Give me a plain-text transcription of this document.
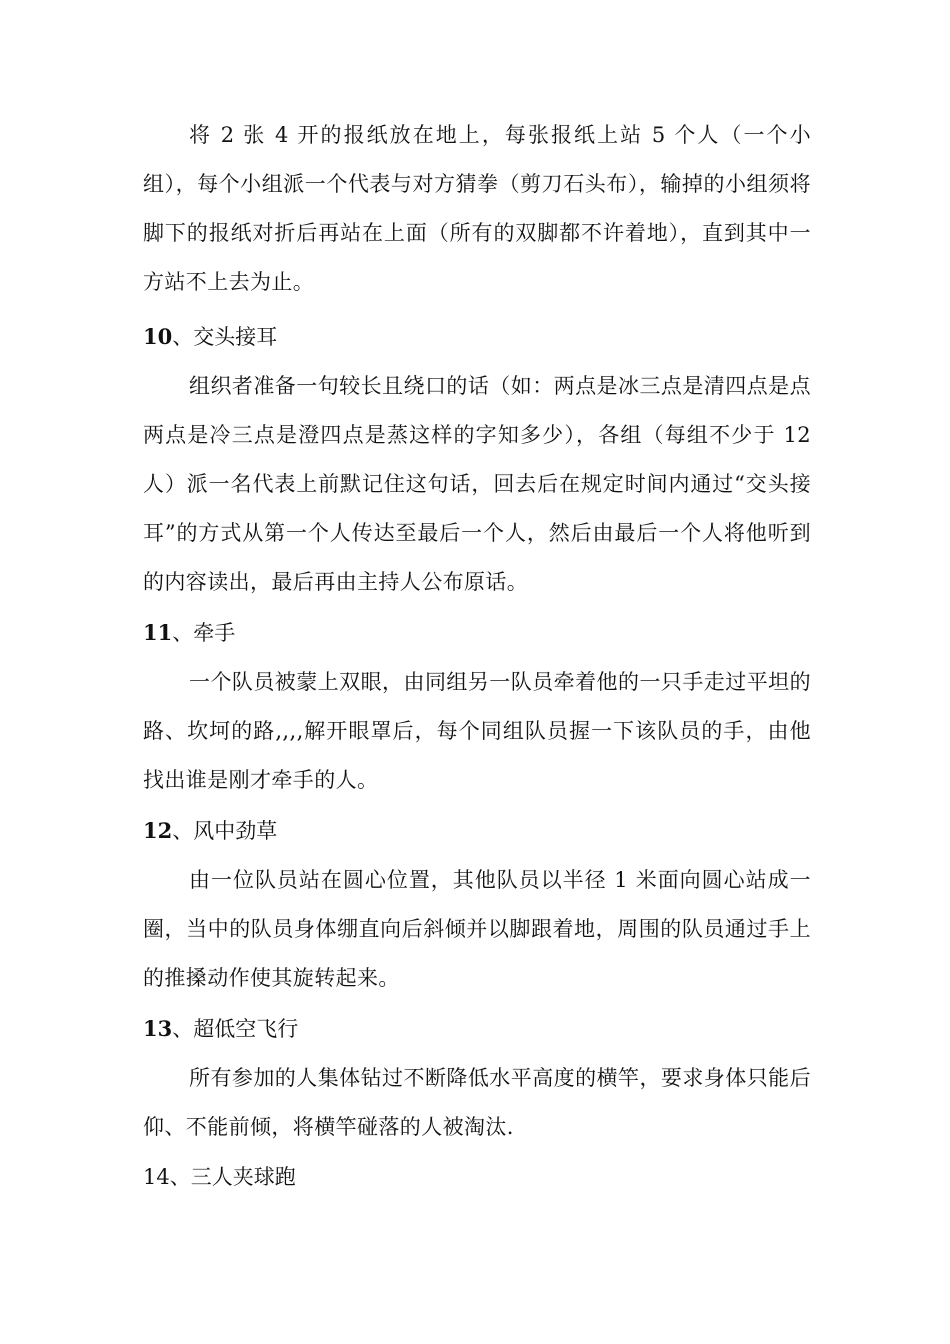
将 2 张 4 开的报纸放在地上，每张报纸上站 5 个人（一个小组），每个小组派一个代表与对方猜拳（剪刀石头布），输掉的小组须将脚下的报纸对折后再站在上面（所有的双脚都不许着地），直到其中一方站不上去为止。

10、交头接耳

组织者准备一句较长且绕口的话（如：两点是冰三点是清四点是点两点是冷三点是澄四点是蒸这样的字知多少），各组（每组不少于 12 人）派一名代表上前默记住这句话，回去后在规定时间内通过“交头接耳”的方式从第一个人传达至最后一个人，然后由最后一个人将他听到的内容读出，最后再由主持人公布原话。

11、牵手

一个队员被蒙上双眼，由同组另一队员牵着他的一只手走过平坦的路、坎坷的路,,,,解开眼罩后，每个同组队员握一下该队员的手，由他找出谁是刚才牵手的人。

12、风中劲草

由一位队员站在圆心位置，其他队员以半径 1 米面向圆心站成一圈，当中的队员身体绷直向后斜倾并以脚跟着地，周围的队员通过手上的推搡动作使其旋转起来。

13、超低空飞行

所有参加的人集体钻过不断降低水平高度的横竿，要求身体只能后仰、不能前倾，将横竿碰落的人被淘汰.

14、三人夹球跑
